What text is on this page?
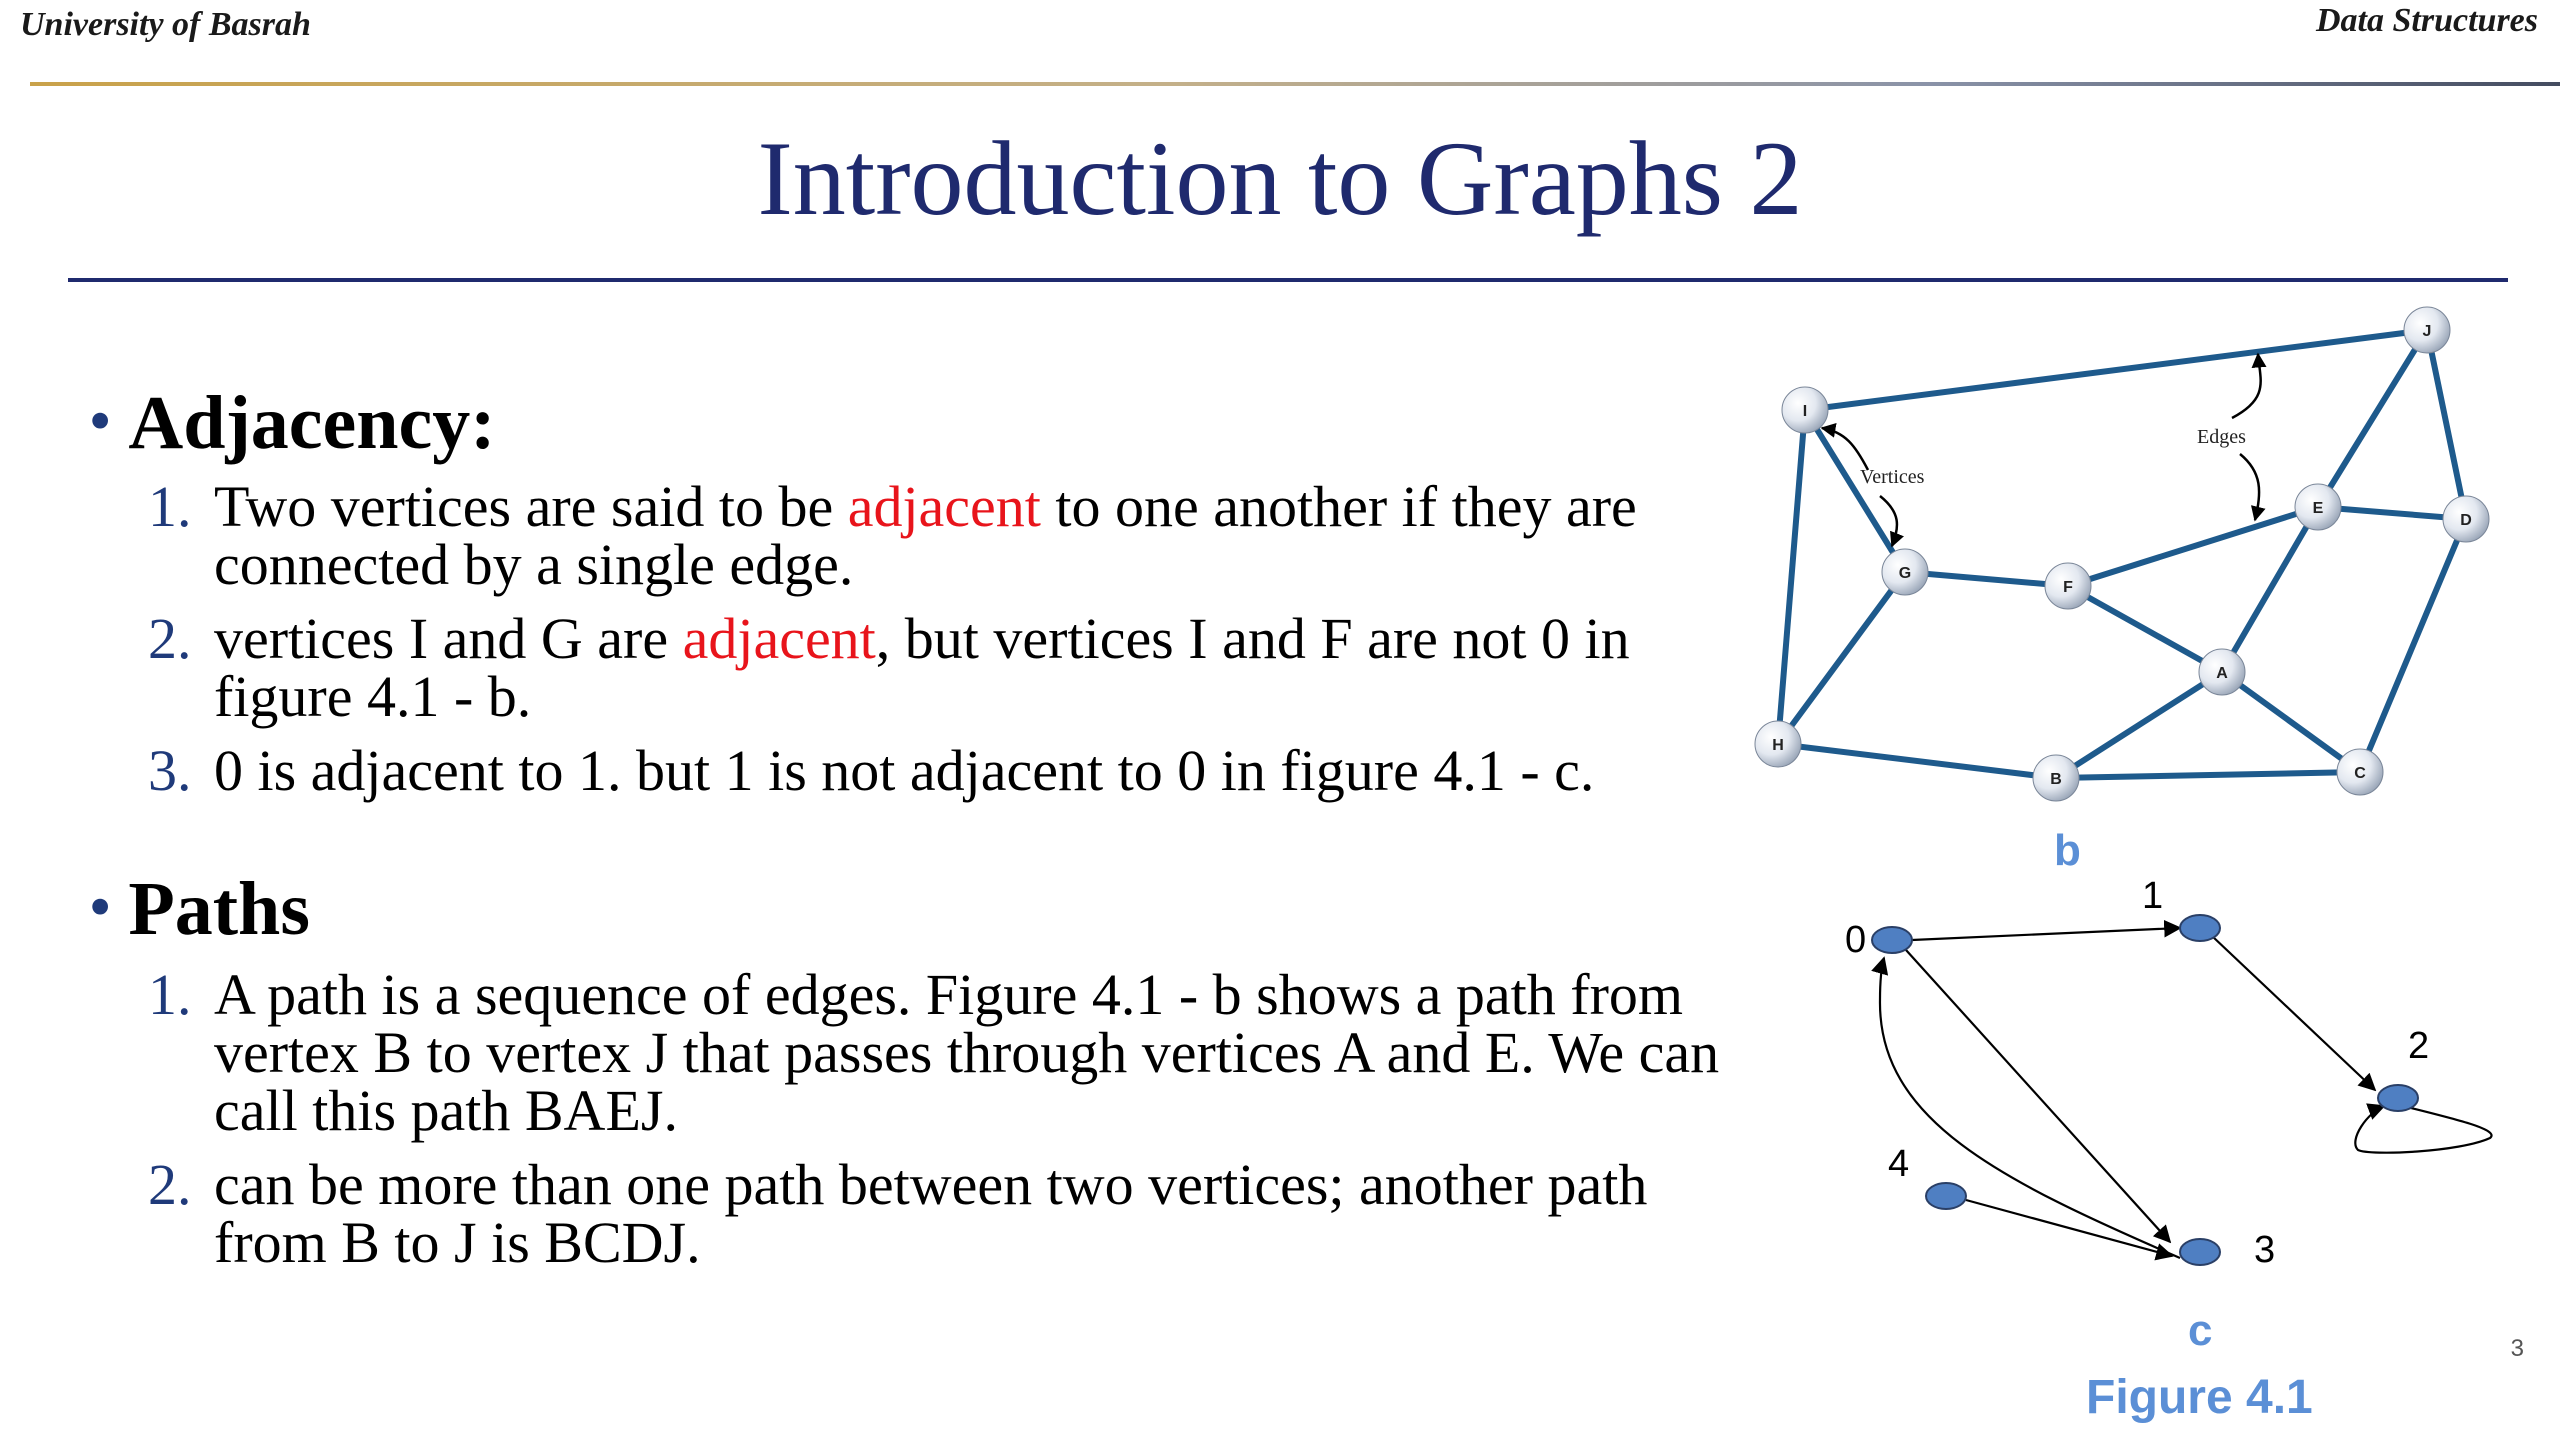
University of Basrah	Data Structures
Introduction to Graphs 2
• Adjacency:
1. Two vertices are said to be adjacent to one another if they are connected by a single edge.
2. vertices I and G are adjacent, but vertices I and F are not 0 in figure 4.1 - b.
3. 0 is adjacent to 1. but 1 is not adjacent to 0 in figure 4.1 - c.
• Paths
1. A path is a sequence of edges. Figure 4.1 - b shows a path from vertex B to vertex J that passes through vertices A and E. We can call this path BAEJ.
2. can be more than one path between two vertices; another path from B to J is BCDJ.
Vertices
Edges
J
I
E
D
G
F
A
H
B	C
0
1
2
3
4
b
c
Figure 4.1
3
